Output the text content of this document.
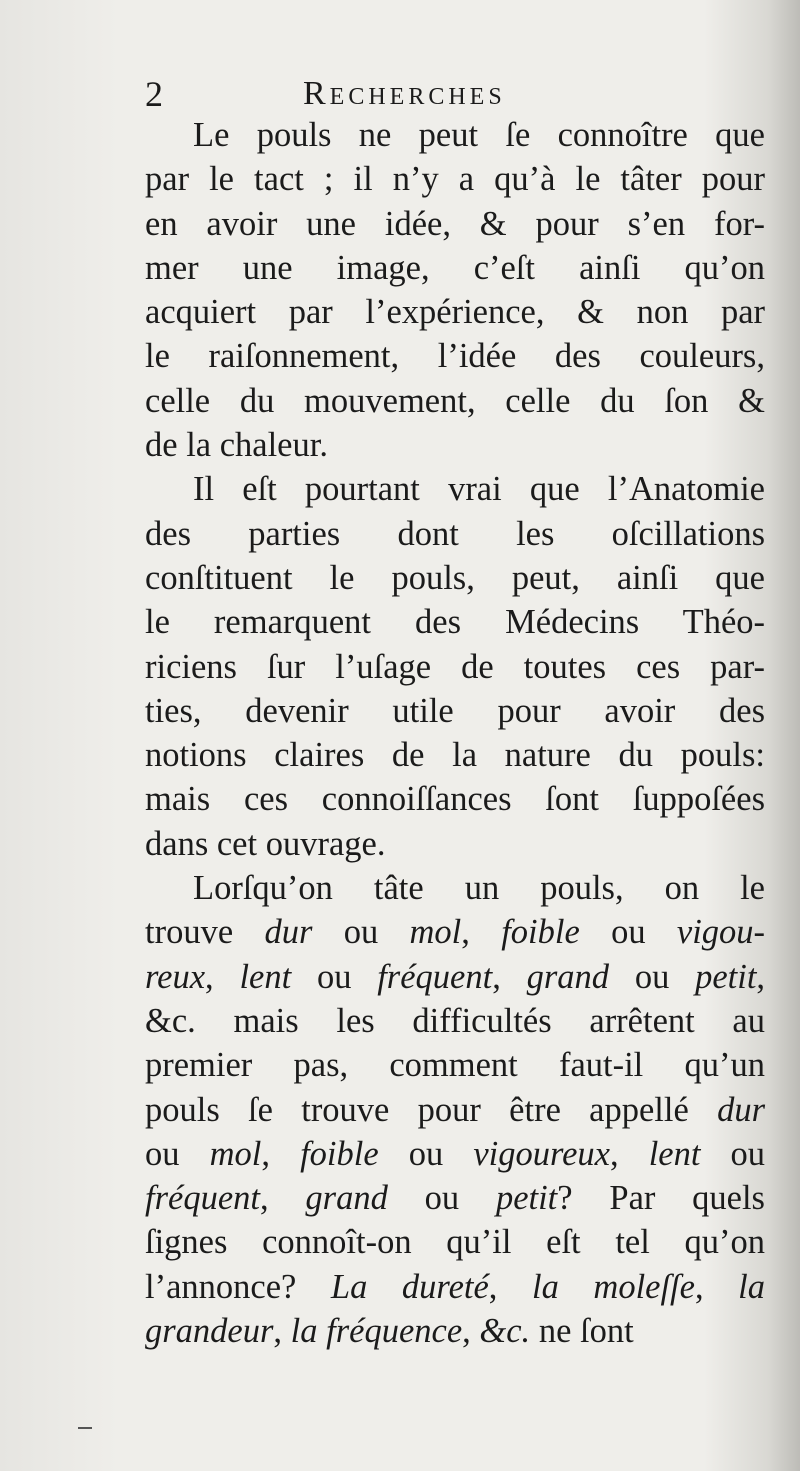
2	Recherches
Le pouls ne peut ſe connoître que
par le tact ; il n’y a qu’à le tâter pour
en avoir une idée, & pour s’en for-
mer une image, c’eſt ainſi qu’on
acquiert par l’expérience, & non par
le raiſonnement, l’idée des couleurs,
celle du mouvement, celle du ſon &
de la chaleur.
Il eſt pourtant vrai que l’Anatomie
des parties dont les oſcillations
conſtituent le pouls, peut, ainſi que
le remarquent des Médecins Théo-
riciens ſur l’uſage de toutes ces par-
ties, devenir utile pour avoir des
notions claires de la nature du pouls:
mais ces connoiſſances ſont ſuppoſées
dans cet ouvrage.
Lorſqu’on tâte un pouls, on le
trouve dur ou mol, foible ou vigou-
reux, lent ou fréquent, grand ou petit,
&c. mais les difficultés arrêtent au
premier pas, comment faut-il qu’un
pouls ſe trouve pour être appellé dur
ou mol, foible ou vigoureux, lent ou
fréquent, grand ou petit? Par quels
ſignes connoît-on qu’il eſt tel qu’on
l’annonce? La dureté, la moleſſe, la
grandeur, la fréquence, &c. ne ſont
